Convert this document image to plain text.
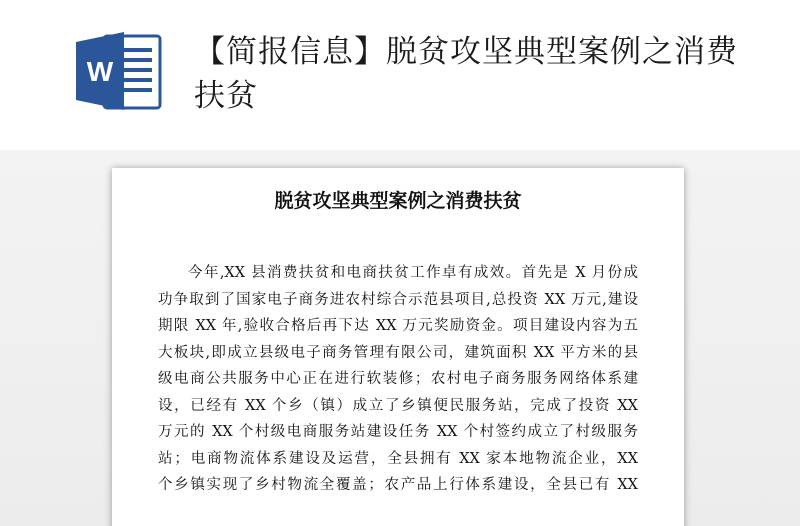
W
【简报信息】脱贫攻坚典型案例之消费扶贫
脱贫攻坚典型案例之消费扶贫
今年,XX 县消费扶贫和电商扶贫工作卓有成效。首先是 X 月份成
功争取到了国家电子商务进农村综合示范县项目,总投资 XX 万元,建设
期限 XX 年,验收合格后再下达 XX 万元奖励资金。项目建设内容为五
大板块,即成立县级电子商务管理有限公司，建筑面积 XX 平方米的县
级电商公共服务中心正在进行软装修；农村电子商务服务网络体系建
设，已经有 XX 个乡（镇）成立了乡镇便民服务站，完成了投资 XX
万元的 XX 个村级电商服务站建设任务 XX 个村签约成立了村级服务
站；电商物流体系建设及运营，全县拥有 XX 家本地物流企业，XX
个乡镇实现了乡村物流全覆盖；农产品上行体系建设，全县已有 XX
